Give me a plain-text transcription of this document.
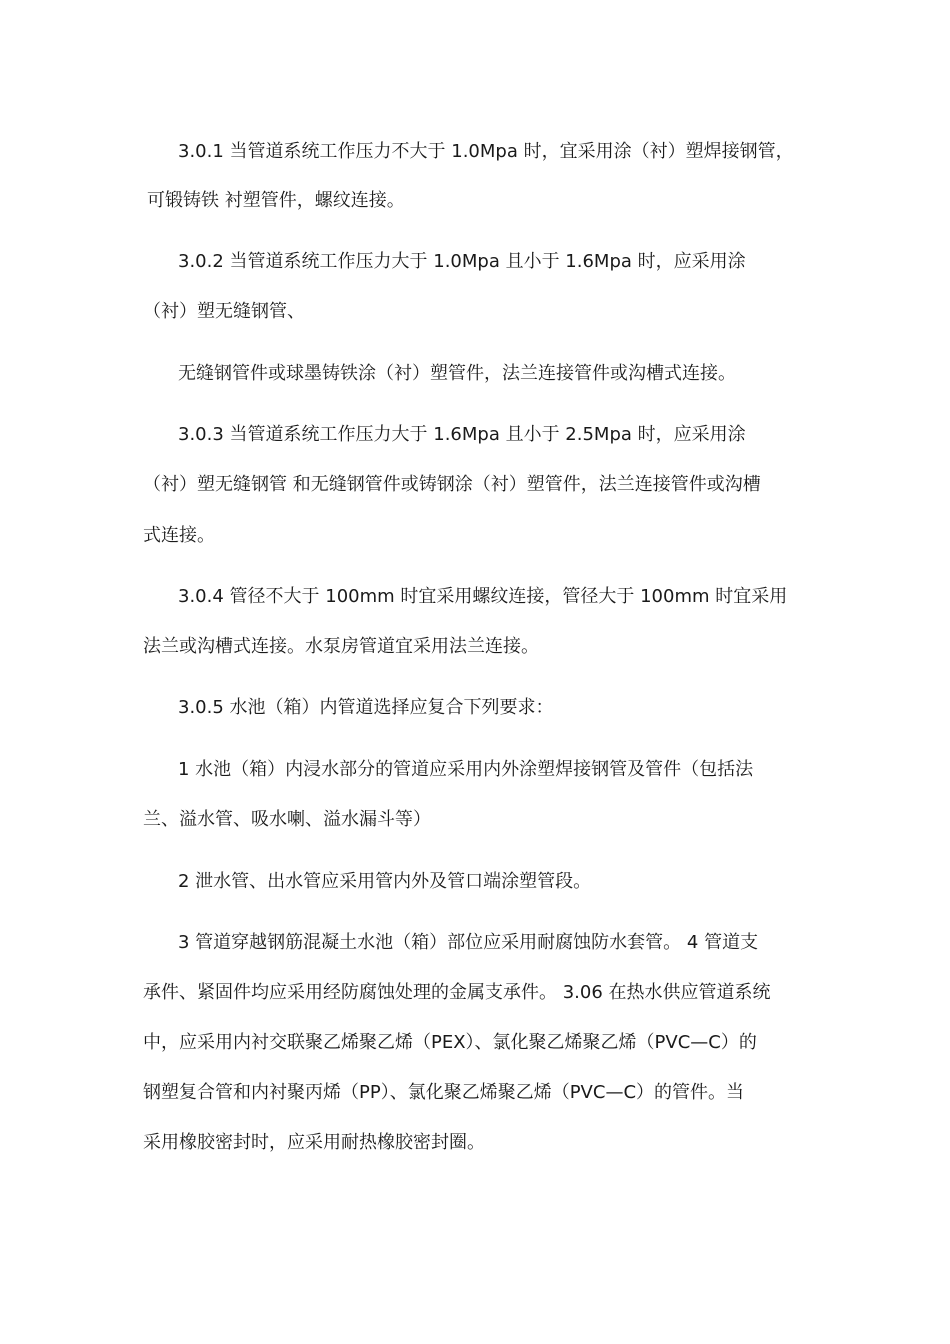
3.0.1 当管道系统工作压力不大于 1.0Mpa 时，宜采用涂（衬）塑焊接钢管，
可锻铸铁 衬塑管件，螺纹连接。
3.0.2 当管道系统工作压力大于 1.0Mpa 且小于 1.6Mpa 时，应采用涂
（衬）塑无缝钢管、
无缝钢管件或球墨铸铁涂（衬）塑管件，法兰连接管件或沟槽式连接。
3.0.3 当管道系统工作压力大于 1.6Mpa 且小于 2.5Mpa 时，应采用涂
（衬）塑无缝钢管 和无缝钢管件或铸钢涂（衬）塑管件，法兰连接管件或沟槽
式连接。
3.0.4 管径不大于 100mm 时宜采用螺纹连接，管径大于 100mm 时宜采用
法兰或沟槽式连接。水泵房管道宜采用法兰连接。
3.0.5 水池（箱）内管道选择应复合下列要求：
1 水池（箱）内浸水部分的管道应采用内外涂塑焊接钢管及管件（包括法
兰、溢水管、吸水喇、溢水漏斗等）
2 泄水管、出水管应采用管内外及管口端涂塑管段。
3 管道穿越钢筋混凝土水池（箱）部位应采用耐腐蚀防水套管。 4 管道支
承件、紧固件均应采用经防腐蚀处理的金属支承件。 3.06 在热水供应管道系统
中，应采用内衬交联聚乙烯聚乙烯（PEX）、氯化聚乙烯聚乙烯（PVC—C）的
钢塑复合管和内衬聚丙烯（PP）、氯化聚乙烯聚乙烯（PVC—C）的管件。当
采用橡胶密封时，应采用耐热橡胶密封圈。
